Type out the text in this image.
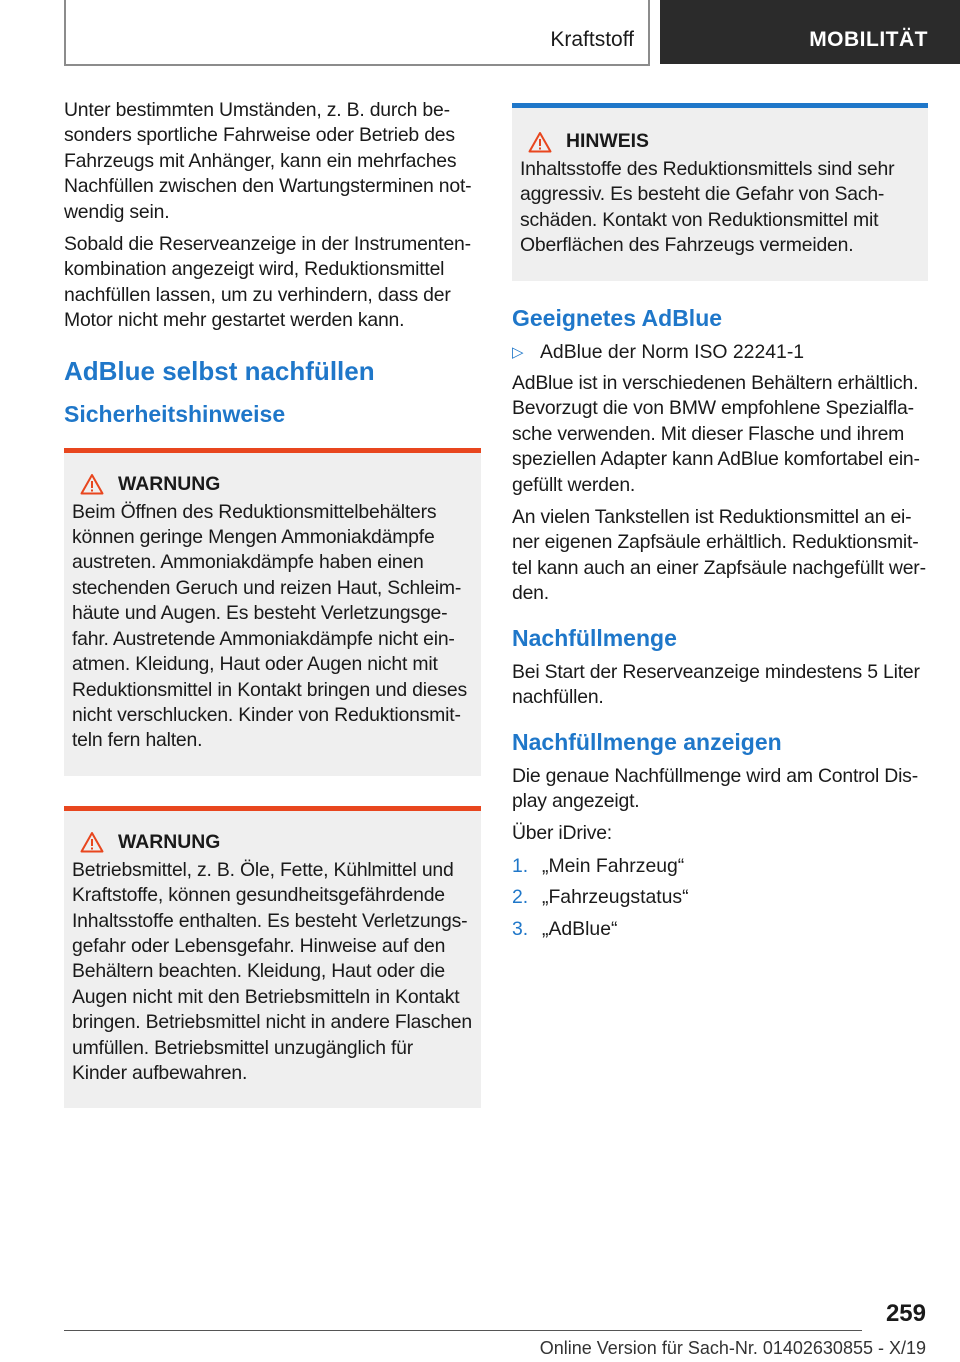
Kraftstoff	MOBILITÄT

Unter bestimmten Umständen, z. B. durch besonders sportliche Fahrweise oder Betrieb des Fahrzeugs mit Anhänger, kann ein mehrfaches Nachfüllen zwischen den Wartungsterminen notwendig sein.

Sobald die Reserveanzeige in der Instrumentenkombination angezeigt wird, Reduktionsmittel nachfüllen lassen, um zu verhindern, dass der Motor nicht mehr gestartet werden kann.

AdBlue selbst nachfüllen
Sicherheitshinweise
WARNUNG

Beim Öffnen des Reduktionsmittelbehälters können geringe Mengen Ammoniakdämpfe austreten. Ammoniakdämpfe haben einen stechenden Geruch und reizen Haut, Schleimhäute und Augen. Es besteht Verletzungsgefahr. Austretende Ammoniakdämpfe nicht einatmen. Kleidung, Haut oder Augen nicht mit Reduktionsmittel in Kontakt bringen und dieses nicht verschlucken. Kinder von Reduktionsmitteln fern halten.

WARNUNG

Betriebsmittel, z. B. Öle, Fette, Kühlmittel und Kraftstoffe, können gesundheitsgefährdende Inhaltsstoffe enthalten. Es besteht Verletzungsgefahr oder Lebensgefahr. Hinweise auf den Behältern beachten. Kleidung, Haut oder die Augen nicht mit den Betriebsmitteln in Kontakt bringen. Betriebsmittel nicht in andere Flaschen umfüllen. Betriebsmittel unzugänglich für Kinder aufbewahren.

HINWEIS

Inhaltsstoffe des Reduktionsmittels sind sehr aggressiv. Es besteht die Gefahr von Sachschäden. Kontakt von Reduktionsmittel mit Oberflächen des Fahrzeugs vermeiden.

Geeignetes AdBlue
▷ AdBlue der Norm ISO 22241-1

AdBlue ist in verschiedenen Behältern erhältlich. Bevorzugt die von BMW empfohlene Spezialflasche verwenden. Mit dieser Flasche und ihrem speziellen Adapter kann AdBlue komfortabel eingefüllt werden.

An vielen Tankstellen ist Reduktionsmittel an einer eigenen Zapfsäule erhältlich. Reduktionsmittel kann auch an einer Zapfsäule nachgefüllt werden.

Nachfüllmenge

Bei Start der Reserveanzeige mindestens 5 Liter nachfüllen.

Nachfüllmenge anzeigen

Die genaue Nachfüllmenge wird am Control Display angezeigt.

Über iDrive:

1. „Mein Fahrzeug“
2. „Fahrzeugstatus“
3. „AdBlue“
259
Online Version für Sach-Nr. 01402630855 - X/19
